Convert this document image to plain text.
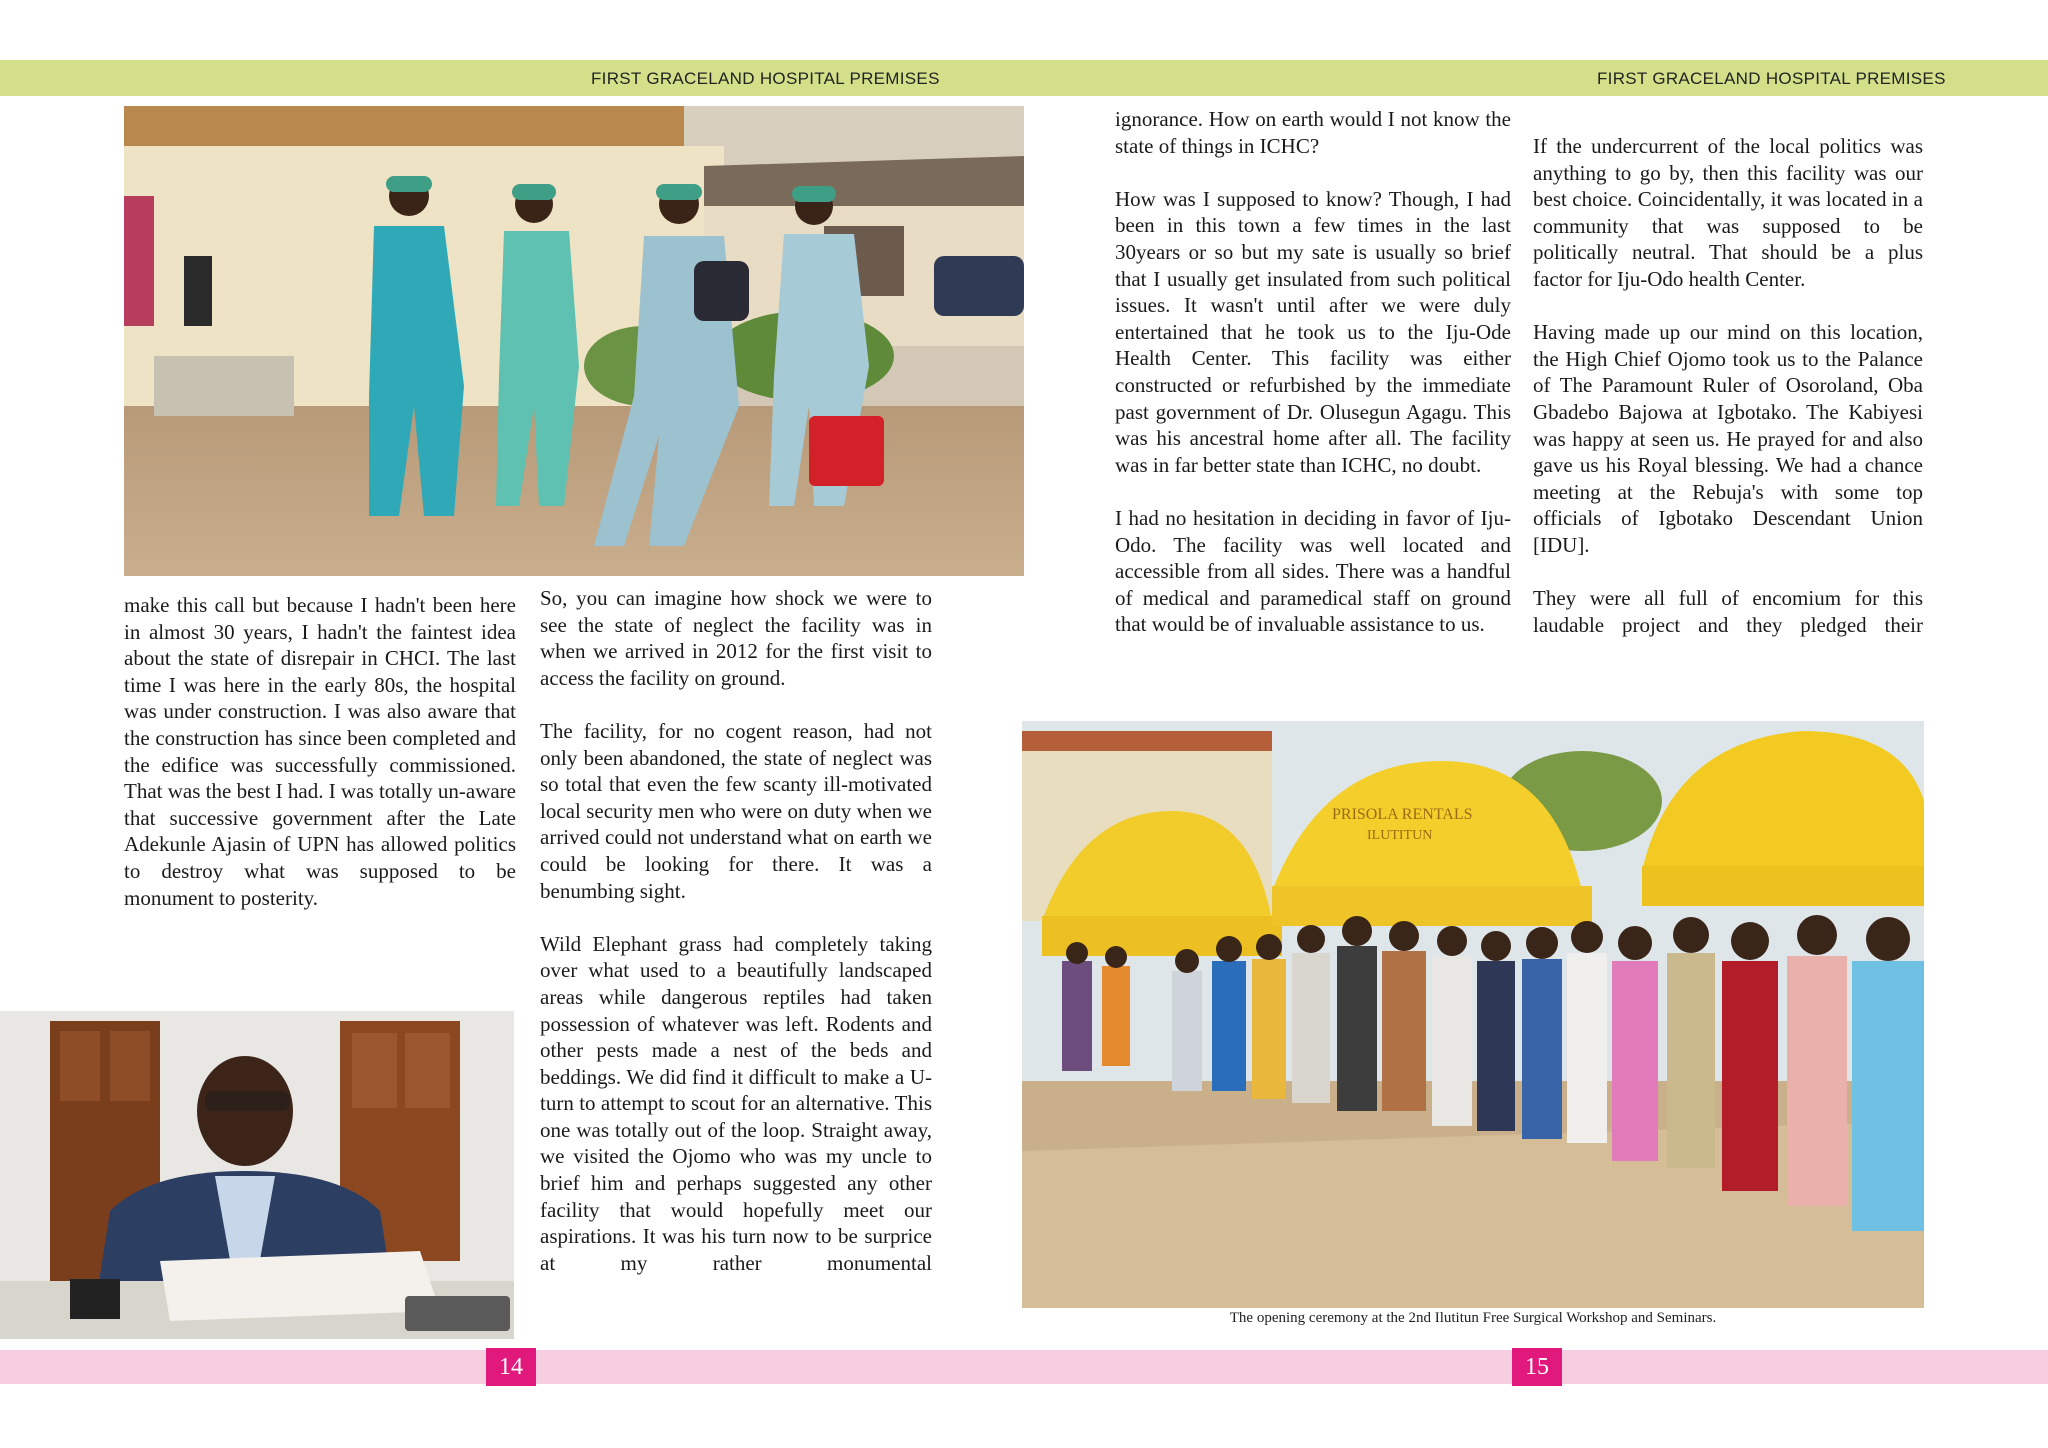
FIRST GRACELAND HOSPITAL PREMISES	FIRST GRACELAND HOSPITAL PREMISES
PRISOLA RENTALS
ILUTITUN

make this call but because I hadn't been here in almost 30 years, I hadn't the faintest idea about the state of disrepair in CHCI. The last time I was here in the early 80s, the hospital was under construction. I was also aware that the construction has since been completed and the edifice was successfully commissioned. That was the best I had. I was totally un-aware that successive government after the Late Adekunle Ajasin of UPN has allowed politics to destroy what was supposed to be monument to posterity.

So, you can imagine how shock we were to see the state of neglect the facility was in when we arrived in 2012 for the first visit to access the facility on ground.

The facility, for no cogent reason, had not only been abandoned, the state of neglect was so total that even the few scanty ill-motivated local security men who were on duty when we arrived could not understand what on earth we could be looking for there. It was a benumbing sight.

Wild Elephant grass had completely taking over what used to a beautifully landscaped areas while dangerous reptiles had taken possession of whatever was left. Rodents and other pests made a nest of the beds and beddings. We did find it difficult to make a U-turn to attempt to scout for an alternative. This one was totally out of the loop. Straight away, we visited the Ojomo who was my uncle to brief him and perhaps suggested any other facility that would hopefully meet our aspirations. It was his turn now to be surprice at my rather monumental

ignorance. How on earth would I not know the state of things in ICHC?

How was I supposed to know? Though, I had been in this town a few times in the last 30years or so but my sate is usually so brief that I usually get insulated from such political issues. It wasn't until after we were duly entertained that he took us to the Iju-Ode Health Center. This facility was either constructed or refurbished by the immediate past government of Dr. Olusegun Agagu. This was his ancestral home after all. The facility was in far better state than ICHC, no doubt.

I had no hesitation in deciding in favor of Iju-Odo. The facility was well located and accessible from all sides. There was a handful of medical and paramedical staff on ground that would be of invaluable assistance to us.

If the undercurrent of the local politics was anything to go by, then this facility was our best choice. Coincidentally, it was located in a community that was supposed to be politically neutral. That should be a plus factor for Iju-Odo health Center.

Having made up our mind on this location, the High Chief Ojomo took us to the Palance of The Paramount Ruler of Osoroland, Oba Gbadebo Bajowa at Igbotako. The Kabiyesi was happy at seen us. He prayed for and also gave us his Royal blessing. We had a chance meeting at the Rebuja's with some top officials of Igbotako Descendant Union [IDU].

They were all full of encomium for this laudable project and they pledged their

The opening ceremony at the 2nd Ilutitun Free Surgical Workshop and Seminars.
14	15
